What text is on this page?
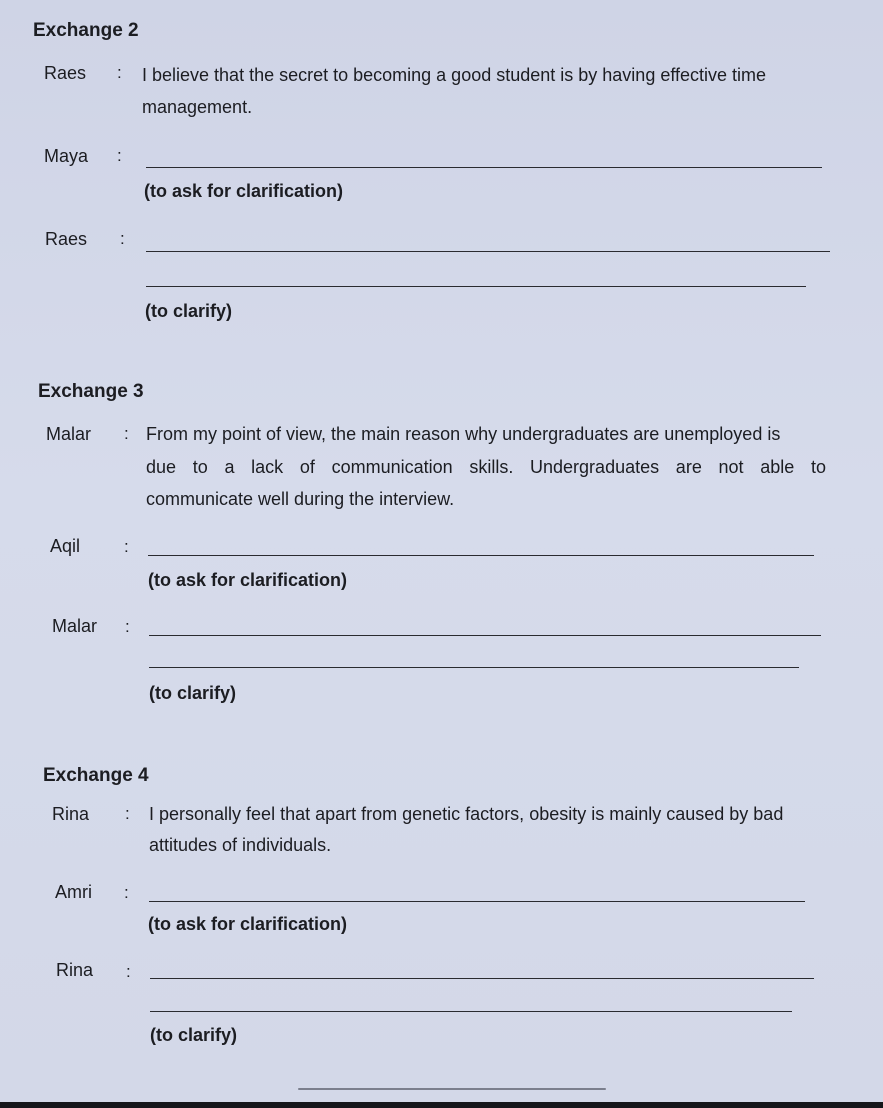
Exchange 2
Raes : I believe that the secret to becoming a good student is by having effective time
management.
Maya :
(to ask for clarification)
Raes :
(to clarify)
Exchange 3
Malar : From my point of view, the main reason why undergraduates are unemployed is
due to a lack of communication skills. Undergraduates are not able to
communicate well during the interview.
Aqil	:
(to ask for clarification)
Malar :
(to clarify)
Exchange 4
Rina : I personally feel that apart from genetic factors, obesity is mainly caused by bad
attitudes of individuals.
Amri :
(to ask for clarification)
Rina :
(to clarify)
